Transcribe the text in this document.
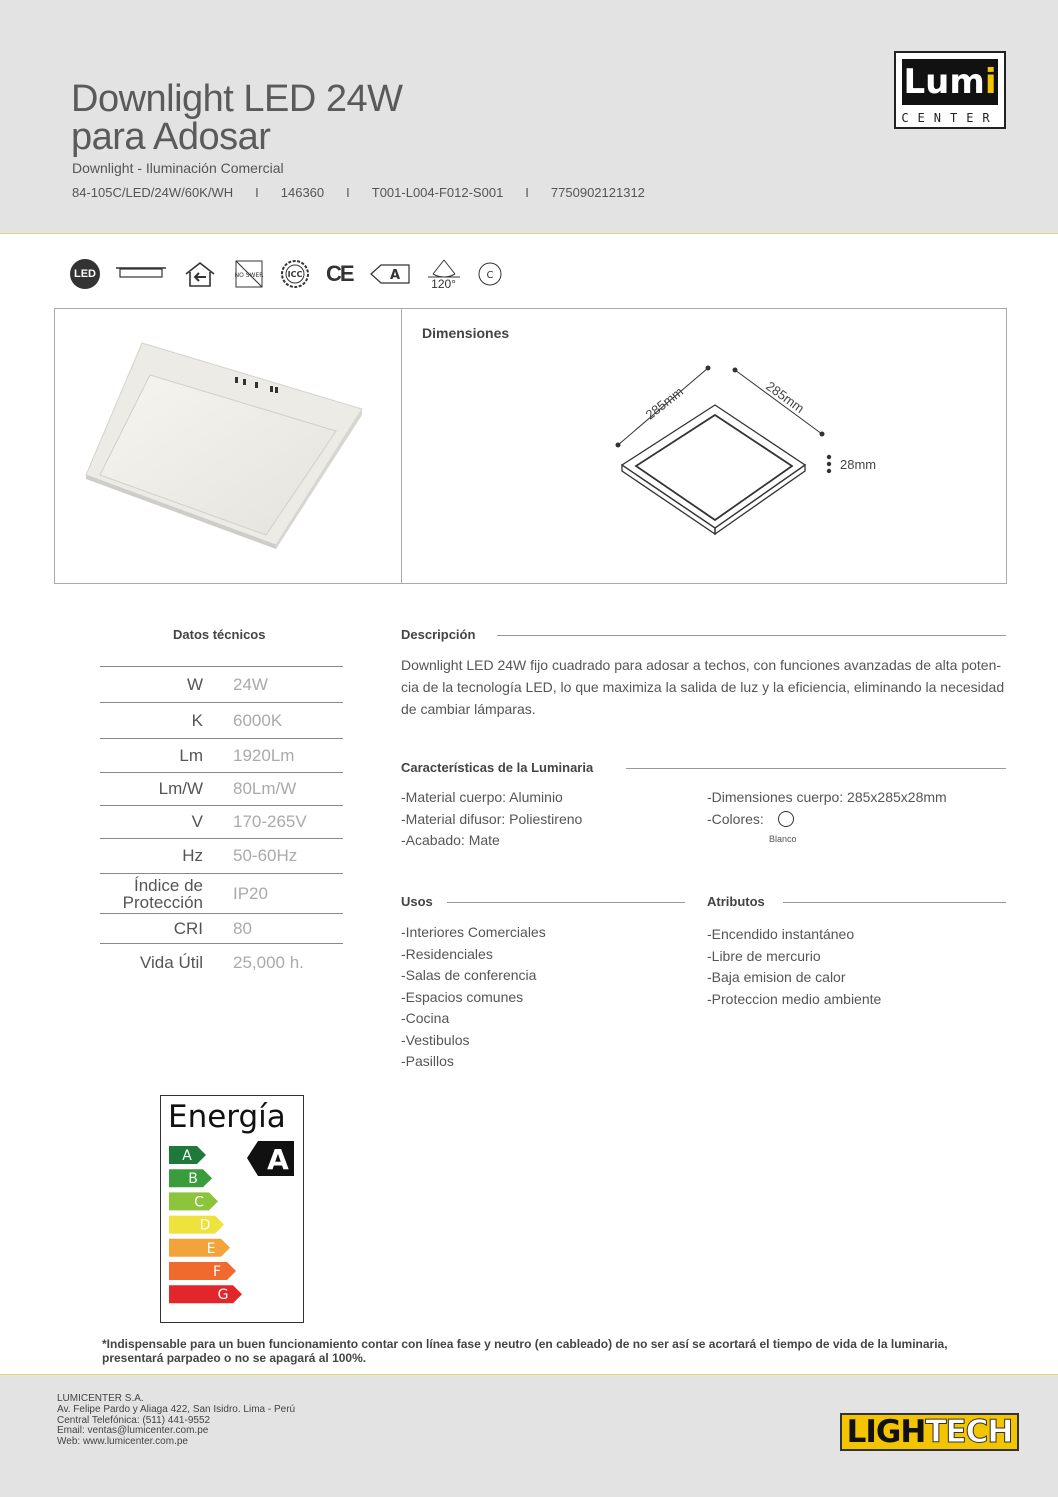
Downlight LED 24W
para Adosar
Downlight - Iluminación Comercial
84-105C/LED/24W/60K/WH I 146360 I T001-L004-F012-S001 I 7750902121312
Lumi
CENTER
LED	NO SWER	ICC CE	A
120°
C
Dimensiones
285mm	285mm
28mm
Datos técnicos
W 24W
K 6000K
Lm 1920Lm
Lm/W 80Lm/W
V 170-265V
Hz 50-60Hz
Índice de Protección IP20
CRI 80
Vida Útil 25,000 h.
Descripción
Downlight LED 24W fijo cuadrado para adosar a techos, con funciones avanzadas de alta poten-
cia de la tecnología LED, lo que maximiza la salida de luz y la eficiencia, eliminando la necesidad
de cambiar lámparas.
Características de la Luminaria
-Material cuerpo: Aluminio
-Material difusor: Poliestireno
-Acabado: Mate
-Dimensiones cuerpo: 285x285x28mm
-Colores:
Blanco
Usos
-Interiores Comerciales
-Residenciales
-Salas de conferencia
-Espacios comunes
-Cocina
-Vestibulos
-Pasillos
Atributos
-Encendido instantáneo
-Libre de mercurio
-Baja emision de calor
-Proteccion medio ambiente
Energía
A
A
B
C
D
E
F
G
*Indispensable para un buen funcionamiento contar con línea fase y neutro (en cableado) de no ser así se acortará el tiempo de vida de la luminaria,
presentará parpadeo o no se apagará al 100%.
LUMICENTER S.A.
Av. Felipe Pardo y Aliaga 422, San Isidro. Lima - Perú
Central Telefónica: (511) 441-9552
Email: ventas@lumicenter.com.pe
Web: www.lumicenter.com.pe	LIGH TECH
